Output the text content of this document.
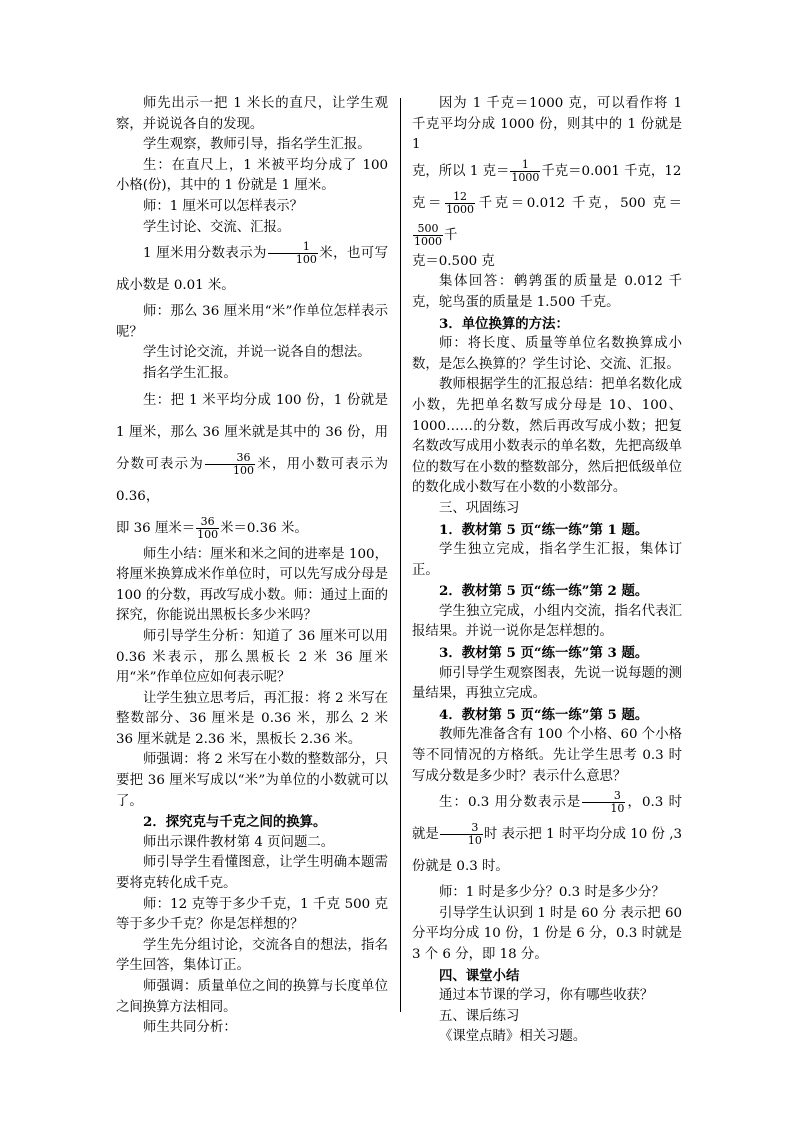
师先出示一把 1 米长的直尺，让学生观察，并说说各自的发现。

学生观察，教师引导，指名学生汇报。

生：在直尺上，1 米被平均分成了 100 小格(份)，其中的 1 份就是 1 厘米。

师：1 厘米可以怎样表示？

学生讨论、交流、汇报。

1 厘米用分数表示为 $\frac{1}{100}$ 米，也可写成小数是 0.01 米。

师：那么 36 厘米用“米”作单位怎样表示呢？

学生讨论交流，并说一说各自的想法。

指名学生汇报。

生：把 1 米平均分成 100 份，1 份就是 1 厘米，那么 36 厘米就是其中的 36 份，用分数可表示为 $\frac{36}{100}$ 米，用小数可表示为 0.36，

即 36 厘米＝ $\frac{36}{100}$ 米＝0.36 米。

师生小结：厘米和米之间的进率是 100，将厘米换算成米作单位时，可以先写成分母是 100 的分数，再改写成小数。师：通过上面的探究，你能说出黑板长多少米吗？

师引导学生分析：知道了 36 厘米可以用 0.36 米表示，那么黑板长 2 米 36 厘米用“米”作单位应如何表示呢？

让学生独立思考后，再汇报：将 2 米写在整数部分、36 厘米是 0.36 米，那么 2 米 36 厘米就是 2.36 米，黑板长 2.36 米。

师强调：将 2 米写在小数的整数部分，只要把 36 厘米写成以“米”为单位的小数就可以了。

2．探究克与千克之间的换算。

师出示课件教材第 4 页问题二。

师引导学生看懂图意，让学生明确本题需要将克转化成千克。

师：12 克等于多少千克，1 千克 500 克等于多少千克？你是怎样想的？

学生先分组讨论，交流各自的想法，指名学生回答，集体订正。

师强调：质量单位之间的换算与长度单位之间换算方法相同。

师生共同分析：

因为 1 千克＝1000 克，可以看作将 1 千克平均分成 1000 份，则其中的 1 份就是 1

克，所以 1 克＝ $\frac{1}{1000}$ 千克＝0.001 千克，12

克＝ $\frac{12}{1000}$ 千克＝0.012 千克，500 克＝
$\frac{500}{1000}$ 千

克＝0.500 克

集体回答：鹌鹑蛋的质量是 0.012 千克，鸵鸟蛋的质量是 1.500 千克。

3．单位换算的方法：

师：将长度、质量等单位名数换算成小数，是怎么换算的？学生讨论、交流、汇报。

教师根据学生的汇报总结：把单名数化成小数，先把单名数写成分母是 10、100、1000……的分数，然后再改写成小数；把复名数改写成用小数表示的单名数，先把高级单位的数写在小数的整数部分，然后把低级单位的数化成小数写在小数的小数部分。

三、巩固练习

1．教材第 5 页“练一练”第 1 题。

学生独立完成，指名学生汇报，集体订正。

2．教材第 5 页“练一练”第 2 题。

学生独立完成，小组内交流，指名代表汇报结果。并说一说你是怎样想的。

3．教材第 5 页“练一练”第 3 题。

师引导学生观察图表，先说一说每题的测量结果，再独立完成。

4．教材第 5 页“练一练”第 5 题。

教师先准备含有 100 个小格、60 个小格等不同情况的方格纸。先让学生思考 0.3 时写成分数是多少时？表示什么意思？

生：0.3 用分数表示是 $\frac{3}{10}$ ，0.3 时就是 $\frac{3}{10}$ 时 表示把 1 时平均分成 10 份 ,3 份就是 0.3 时。

师：1 时是多少分？0.3 时是多少分？

引导学生认识到 1 时是 60 分 表示把 60 分平均分成 10 份，1 份是 6 分，0.3 时就是 3 个 6 分，即 18 分。

四、课堂小结

通过本节课的学习，你有哪些收获？

五、课后练习

《课堂点睛》相关习题。
